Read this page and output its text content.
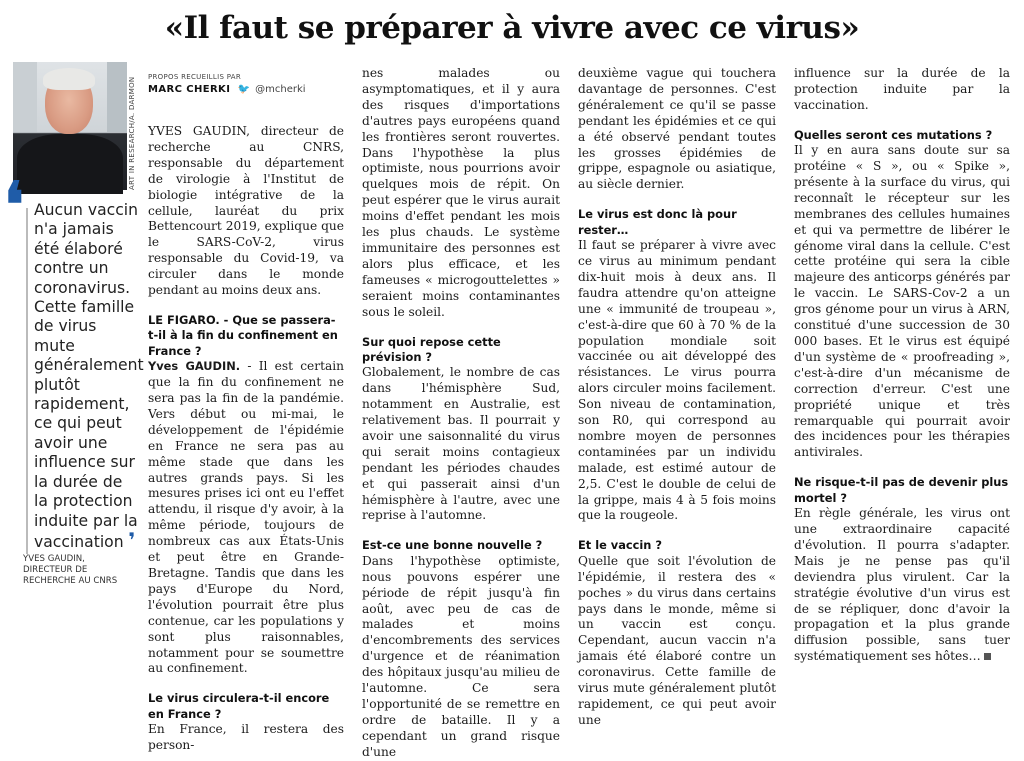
«Il faut se préparer à vivre avec ce virus»
ART IN RESEARCH/A. DARMON
❛ Aucun vaccin n'a jamais été élaboré contre un coronavirus. Cette famille de virus mute généralement plutôt rapidement, ce qui peut avoir une influence sur la durée de la protection induite par la vaccination ❜
YVES GAUDIN,
DIRECTEUR DE
RECHERCHE AU CNRS
PROPOS RECUEILLIS PAR
MARC CHERKI 🐦 @mcherki

YVES GAUDIN, directeur de recherche au CNRS, responsable du département de virologie à l'Institut de biologie intégrative de la cellule, lauréat du prix Bettencourt 2019, explique que le SARS-CoV-2, virus responsable du Covid-19, va circuler dans le monde pendant au moins deux ans.

LE FIGARO. - Que se passera-t-il à la fin du confinement en France ?

Yves GAUDIN. - Il est certain que la fin du confinement ne sera pas la fin de la pandémie. Vers début ou mi-mai, le développement de l'épidémie en France ne sera pas au même stade que dans les autres grands pays. Si les mesures prises ici ont eu l'effet attendu, il risque d'y avoir, à la même période, toujours de nombreux cas aux États-Unis et peut être en Grande-Bretagne. Tandis que dans les pays d'Europe du Nord, l'évolution pourrait être plus contenue, car les populations y sont plus raisonnables, notamment pour se soumettre au confinement.

Le virus circulera-t-il encore en France ?

En France, il restera des person-

nes malades ou asymptomatiques, et il y aura des risques d'importations d'autres pays européens quand les frontières seront rouvertes. Dans l'hypothèse la plus optimiste, nous pourrions avoir quelques mois de répit. On peut espérer que le virus aurait moins d'effet pendant les mois les plus chauds. Le système immunitaire des personnes est alors plus efficace, et les fameuses « microgouttelettes » seraient moins contaminantes sous le soleil.

Sur quoi repose cette prévision ?

Globalement, le nombre de cas dans l'hémisphère Sud, notamment en Australie, est relativement bas. Il pourrait y avoir une saisonnalité du virus qui serait moins contagieux pendant les périodes chaudes et qui passerait ainsi d'un hémisphère à l'autre, avec une reprise à l'automne.

Est-ce une bonne nouvelle ?

Dans l'hypothèse optimiste, nous pouvons espérer une période de répit jusqu'à fin août, avec peu de cas de malades et moins d'encombrements des services d'urgence et de réanimation des hôpitaux jusqu'au milieu de l'automne. Ce sera l'opportunité de se remettre en ordre de bataille. Il y a cependant un grand risque d'une

deuxième vague qui touchera davantage de personnes. C'est généralement ce qu'il se passe pendant les épidémies et ce qui a été observé pendant toutes les grosses épidémies de grippe, espagnole ou asiatique, au siècle dernier.

Le virus est donc là pour rester…

Il faut se préparer à vivre avec ce virus au minimum pendant dix-huit mois à deux ans. Il faudra attendre qu'on atteigne une « immunité de troupeau », c'est-à-dire que 60 à 70 % de la population mondiale soit vaccinée ou ait développé des résistances. Le virus pourra alors circuler moins facilement. Son niveau de contamination, son R0, qui correspond au nombre moyen de personnes contaminées par un individu malade, est estimé autour de 2,5. C'est le double de celui de la grippe, mais 4 à 5 fois moins que la rougeole.

Et le vaccin ?

Quelle que soit l'évolution de l'épidémie, il restera des « poches » du virus dans certains pays dans le monde, même si un vaccin est conçu. Cependant, aucun vaccin n'a jamais été élaboré contre un coronavirus. Cette famille de virus mute généralement plutôt rapidement, ce qui peut avoir une

influence sur la durée de la protection induite par la vaccination.

Quelles seront ces mutations ?

Il y en aura sans doute sur sa protéine « S », ou « Spike », présente à la surface du virus, qui reconnaît le récepteur sur les membranes des cellules humaines et qui va permettre de libérer le génome viral dans la cellule. C'est cette protéine qui sera la cible majeure des anticorps générés par le vaccin. Le SARS-Cov-2 a un gros génome pour un virus à ARN, constitué d'une succession de 30 000 bases. Et le virus est équipé d'un système de « proofreading », c'est-à-dire d'un mécanisme de correction d'erreur. C'est une propriété unique et très remarquable qui pourrait avoir des incidences pour les thérapies antivirales.

Ne risque-t-il pas de devenir plus mortel ?

En règle générale, les virus ont une extraordinaire capacité d'évolution. Il pourra s'adapter. Mais je ne pense pas qu'il deviendra plus virulent. Car la stratégie évolutive d'un virus est de se répliquer, donc d'avoir la propagation et la plus grande diffusion possible, sans tuer systématiquement ses hôtes…
